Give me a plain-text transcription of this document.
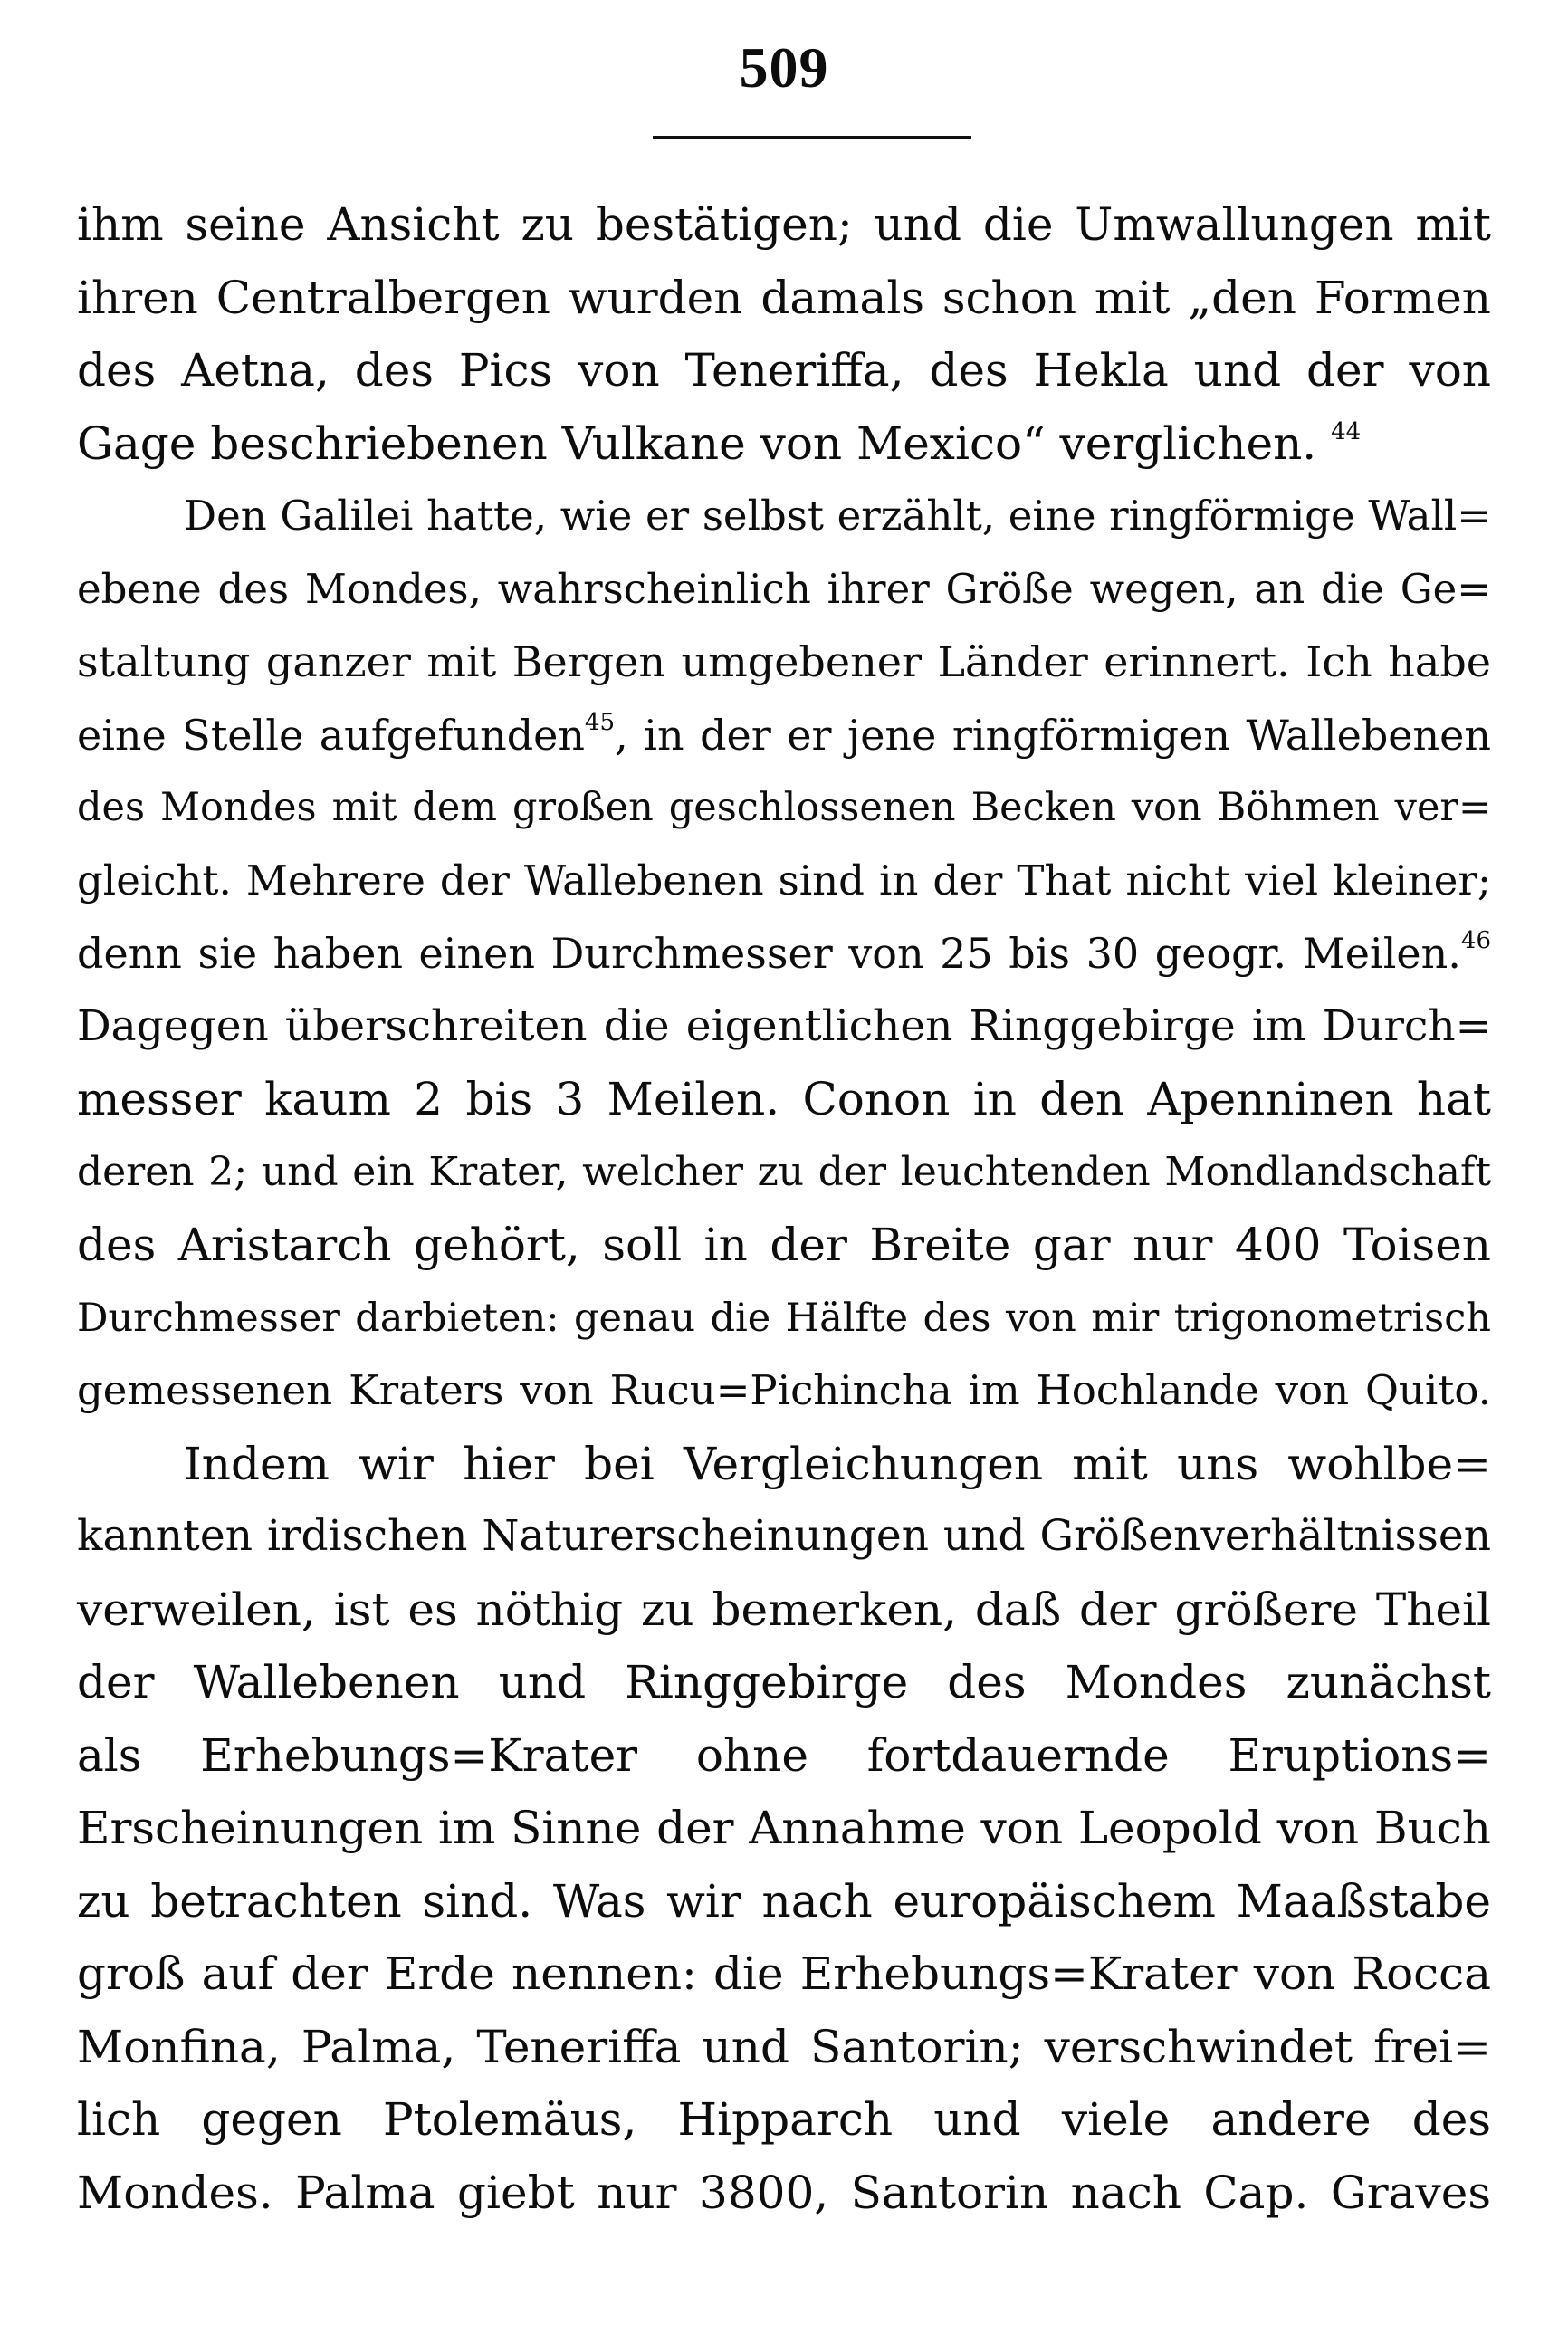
509
ihm seine Ansicht zu bestätigen; und die Umwallungen mit
ihren Centralbergen wurden damals schon mit „den Formen
des Aetna, des Pics von Teneriffa, des Hekla und der von
Gage beschriebenen Vulkane von Mexico“ verglichen. $^{44}$
Den Galilei hatte, wie er selbst erzählt, eine ringförmige Wall=
ebene des Mondes, wahrscheinlich ihrer Größe wegen, an die Ge=
staltung ganzer mit Bergen umgebener Länder erinnert. Ich habe
eine Stelle aufgefunden$^{45}$, in der er jene ringförmigen Wallebenen
des Mondes mit dem großen geschlossenen Becken von Böhmen ver=
gleicht. Mehrere der Wallebenen sind in der That nicht viel kleiner;
denn sie haben einen Durchmesser von 25 bis 30 geogr. Meilen.$^{46}$
Dagegen überschreiten die eigentlichen Ringgebirge im Durch=
messer kaum 2 bis 3 Meilen. Conon in den Apenninen hat
deren 2; und ein Krater, welcher zu der leuchtenden Mondlandschaft
des Aristarch gehört, soll in der Breite gar nur 400 Toisen
Durchmesser darbieten: genau die Hälfte des von mir trigonometrisch
gemessenen Kraters von Rucu=Pichincha im Hochlande von Quito.
Indem wir hier bei Vergleichungen mit uns wohlbe=
kannten irdischen Naturerscheinungen und Größenverhältnissen
verweilen, ist es nöthig zu bemerken, daß der größere Theil
der Wallebenen und Ringgebirge des Mondes zunächst
als Erhebungs=Krater ohne fortdauernde Eruptions=
Erscheinungen im Sinne der Annahme von Leopold von Buch
zu betrachten sind. Was wir nach europäischem Maaßstabe
groß auf der Erde nennen: die Erhebungs=Krater von Rocca
Monfina, Palma, Teneriffa und Santorin; verschwindet frei=
lich gegen Ptolemäus, Hipparch und viele andere des
Mondes. Palma giebt nur 3800, Santorin nach Cap. Graves
